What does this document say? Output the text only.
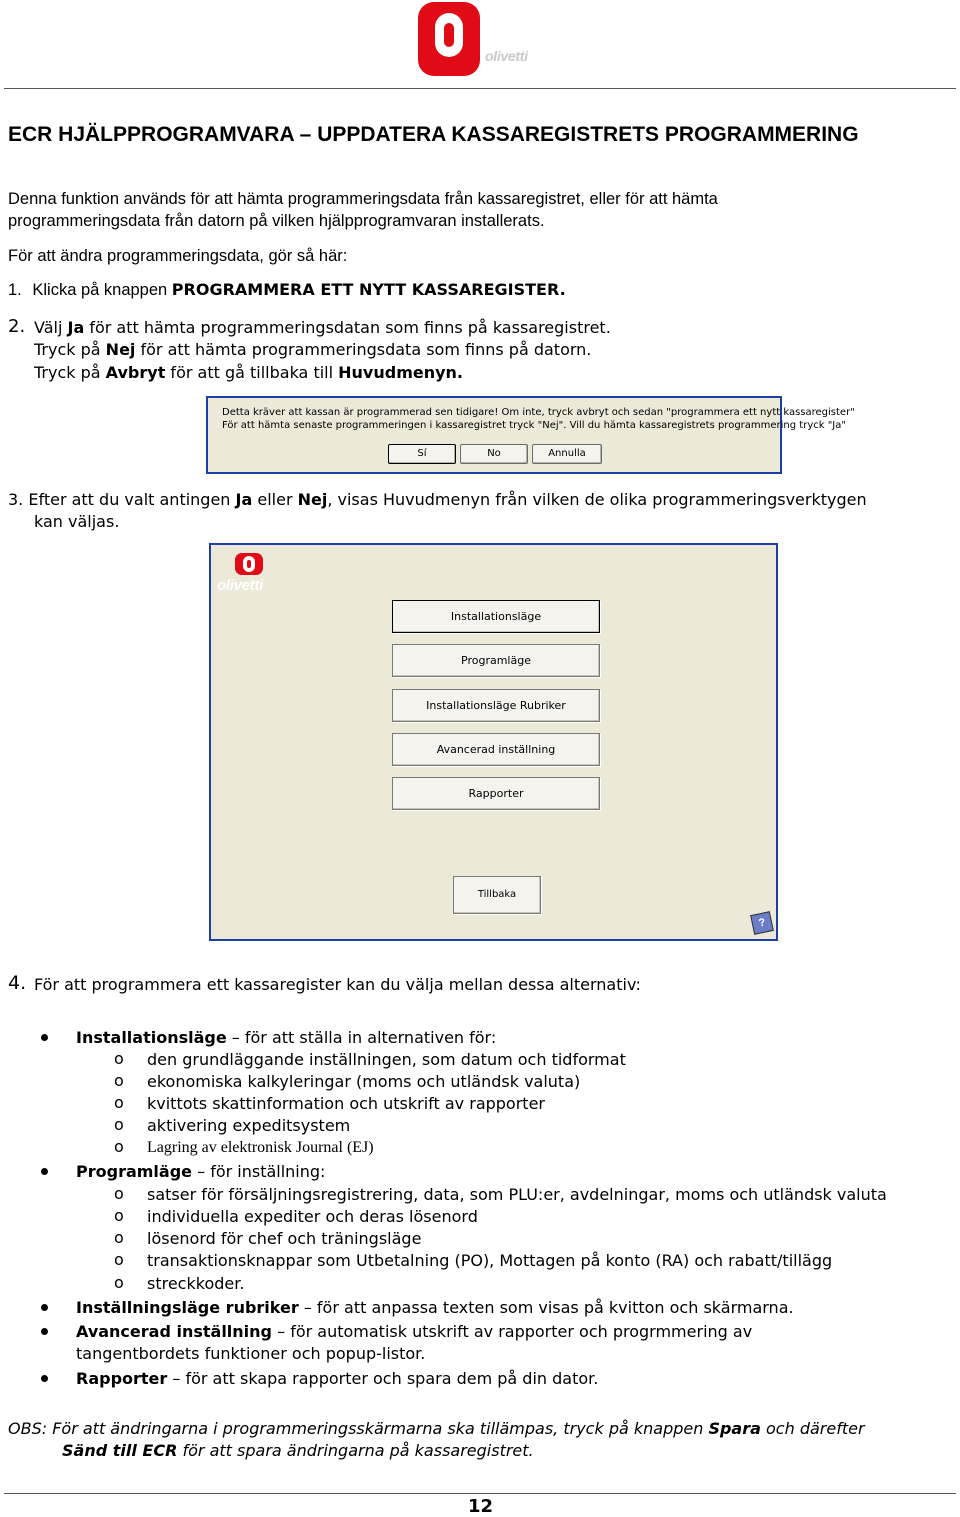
olivetti
ECR HJÄLPPROGRAMVARA – UPPDATERA KASSAREGISTRETS PROGRAMMERING
Denna funktion används för att hämta programmeringsdata från kassaregistret, eller för att hämta
programmeringsdata från datorn på vilken hjälpprogramvaran installerats.
För att ändra programmeringsdata, gör så här:
1. Klicka på knappen PROGRAMMERA ETT NYTT KASSAREGISTER.
2. Välj Ja för att hämta programmeringsdatan som finns på kassaregistret.
Tryck på Nej för att hämta programmeringsdata som finns på datorn.
Tryck på Avbryt för att gå tillbaka till Huvudmenyn.
Detta kräver att kassan är programmerad sen tidigare! Om inte, tryck avbryt och sedan "programmera ett nytt kassaregister"
För att hämta senaste programmeringen i kassaregistret tryck "Nej". Vill du hämta kassaregistrets programmering tryck "Ja"
Sí	No	Annulla
3. Efter att du valt antingen Ja eller Nej, visas Huvudmenyn från vilken de olika programmeringsverktygen
kan väljas.
olivetti
Installationsläge
Programläge
Installationsläge Rubriker
Avancerad inställning
Rapporter
Tillbaka
?
4. För att programmera ett kassaregister kan du välja mellan dessa alternativ:
Installationsläge – för att ställa in alternativen för:
o den grundläggande inställningen, som datum och tidformat
o ekonomiska kalkyleringar (moms och utländsk valuta)
o kvittots skattinformation och utskrift av rapporter
o aktivering expeditsystem
o Lagring av elektronisk Journal (EJ)
Programläge – för inställning:
o satser för försäljningsregistrering, data, som PLU:er, avdelningar, moms och utländsk valuta
o individuella expediter och deras lösenord
o lösenord för chef och träningsläge
o transaktionsknappar som Utbetalning (PO), Mottagen på konto (RA) och rabatt/tillägg
o streckkoder.
Inställningsläge rubriker – för att anpassa texten som visas på kvitton och skärmarna.
Avancerad inställning – för automatisk utskrift av rapporter och progrmmering av
tangentbordets funktioner och popup-listor.
Rapporter – för att skapa rapporter och spara dem på din dator.
OBS: För att ändringarna i programmeringsskärmarna ska tillämpas, tryck på knappen Spara och därefter
Sänd till ECR för att spara ändringarna på kassaregistret.
12
